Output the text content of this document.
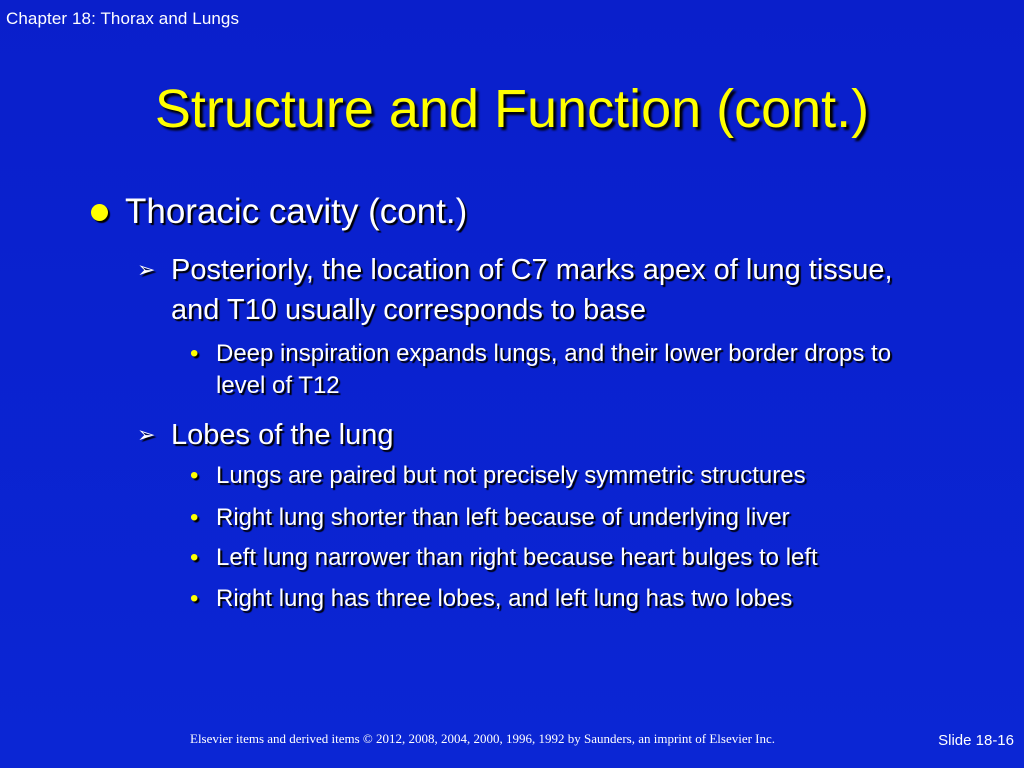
Chapter 18: Thorax and Lungs
Structure and Function (cont.)
Thoracic cavity (cont.)
➢ Posteriorly, the location of C7 marks apex of lung tissue, and T10 usually corresponds to base
• Deep inspiration expands lungs, and their lower border drops to level of T12
➢ Lobes of the lung
• Lungs are paired but not precisely symmetric structures
• Right lung shorter than left because of underlying liver
• Left lung narrower than right because heart bulges to left
• Right lung has three lobes, and left lung has two lobes
Elsevier items and derived items © 2012, 2008, 2004, 2000, 1996, 1992 by Saunders, an imprint of Elsevier Inc.	Slide 18-16
